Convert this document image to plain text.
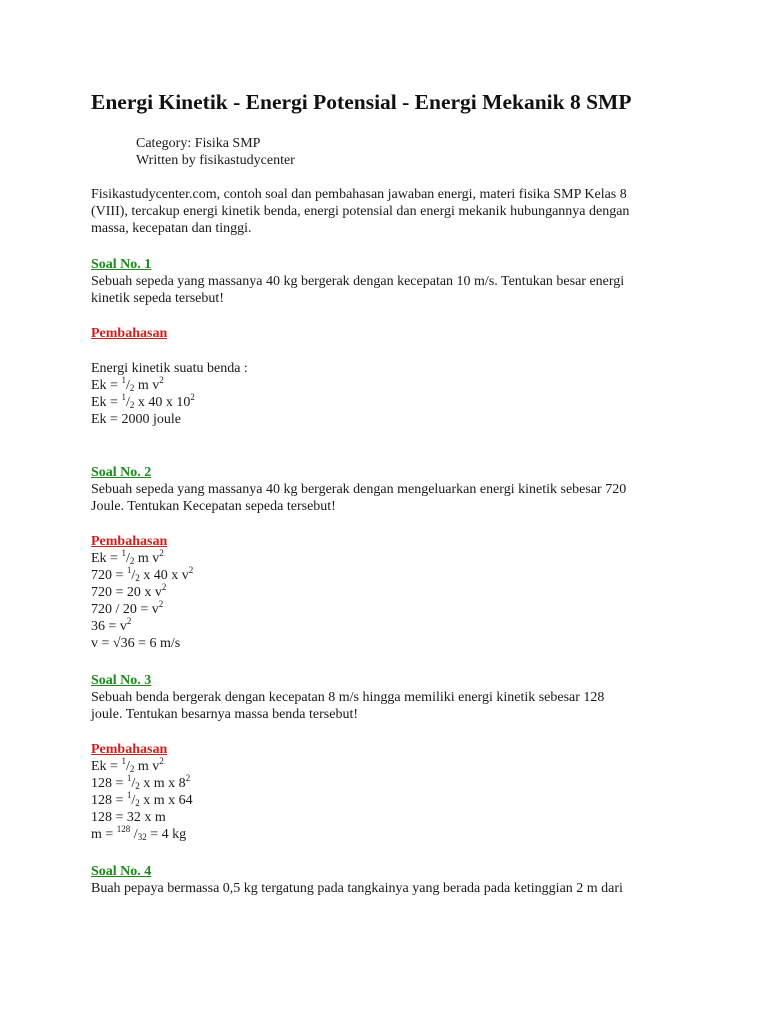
Energi Kinetik - Energi Potensial - Energi Mekanik 8 SMP
Category: Fisika SMP
Written by fisikastudycenter
Fisikastudycenter.com, contoh soal dan pembahasan jawaban energi, materi fisika SMP Kelas 8
(VIII), tercakup energi kinetik benda, energi potensial dan energi mekanik hubungannya dengan
massa, kecepatan dan tinggi.
Soal No. 1
Sebuah sepeda yang massanya 40 kg bergerak dengan kecepatan 10 m/s. Tentukan besar energi
kinetik sepeda tersebut!
Pembahasan
Energi kinetik suatu benda :
$Ek = ^1/_2$ m $v^2$
$Ek = ^1/_2$ x 40 x $10^2$
Ek = 2000 joule
Soal No. 2
Sebuah sepeda yang massanya 40 kg bergerak dengan mengeluarkan energi kinetik sebesar 720
Joule. Tentukan Kecepatan sepeda tersebut!
Pembahasan
$Ek = ^1/_2$ m $v^2$
$720 = ^1/_2$ x 40 x $v^2$
720 = 20 x $v^2$
$720 / 20 = v^2$
$36 = v^2$
v = √36 = 6 m/s
Soal No. 3
Sebuah benda bergerak dengan kecepatan 8 m/s hingga memiliki energi kinetik sebesar 128
joule. Tentukan besarnya massa benda tersebut!
Pembahasan
$Ek = ^1/_2$ m $v^2$
$128 = ^1/_2$ x m x $8^2$
$128 = ^1/_2$ x m x 64
128 = 32 x m
m = $^{128}$ $/_{32} = 4$ kg
Soal No. 4
Buah pepaya bermassa 0,5 kg tergatung pada tangkainya yang berada pada ketinggian 2 m dari
